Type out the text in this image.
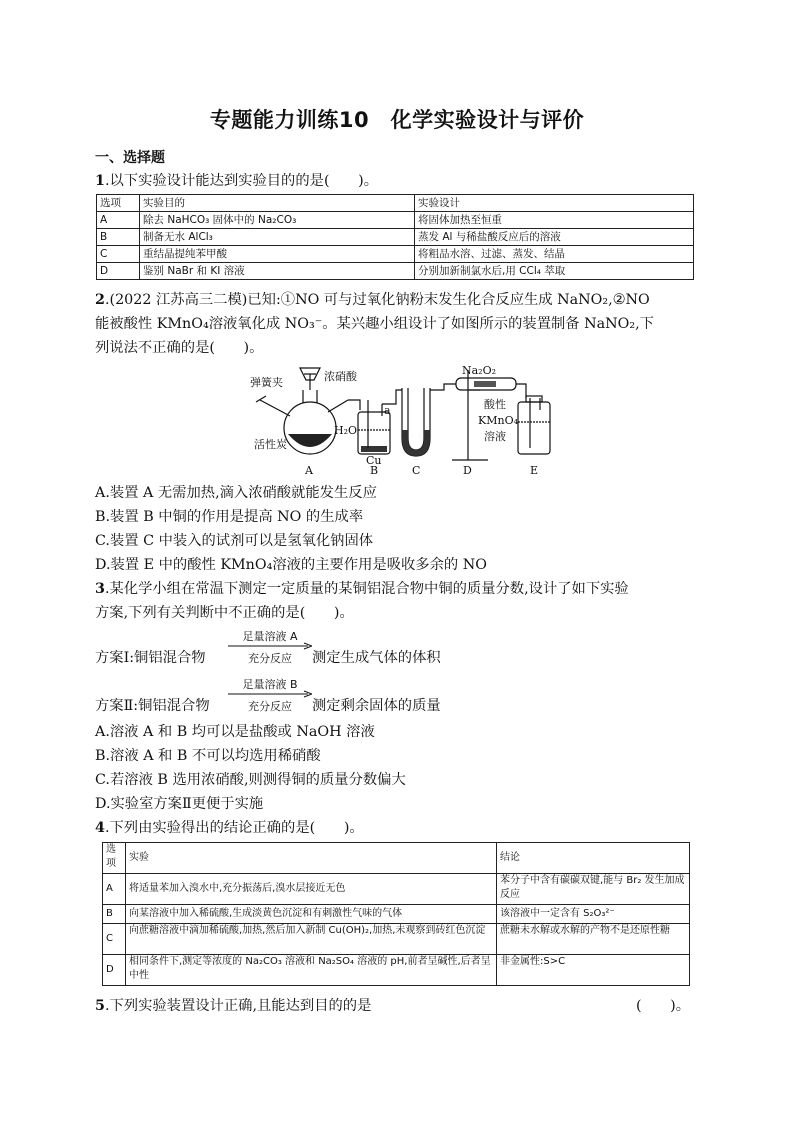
专题能力训练10　化学实验设计与评价
一、选择题
1.以下实验设计能达到实验目的的是(　　)。
选项	实验目的	实验设计
A	除去 NaHCO₃ 固体中的 Na₂CO₃	将固体加热至恒重
B	制备无水 AlCl₃	蒸发 Al 与稀盐酸反应后的溶液
C	重结晶提纯苯甲酸	将粗品水溶、过滤、蒸发、结晶
D	鉴别 NaBr 和 KI 溶液	分别加新制氯水后,用 CCl₄ 萃取
2.(2022 江苏高三二模)已知:①NO 可与过氧化钠粉末发生化合反应生成 NaNO₂,②NO
能被酸性 KMnO₄溶液氧化成 NO₃⁻。某兴趣小组设计了如图所示的装置制备 NaNO₂,下
列说法不正确的是(　　)。
弹簧夹	浓硝酸
活性炭
H₂O
Cu
a
Na₂O₂
酸性
KMnO₄
溶液
A	B	C	D	E
A.装置 A 无需加热,滴入浓硝酸就能发生反应
B.装置 B 中铜的作用是提高 NO 的生成率
C.装置 C 中装入的试剂可以是氢氧化钠固体
D.装置 E 中的酸性 KMnO₄溶液的主要作用是吸收多余的 NO
3.某化学小组在常温下测定一定质量的某铜铝混合物中铜的质量分数,设计了如下实验
方案,下列有关判断中不正确的是(　　)。
方案Ⅰ:铜铝混合物
足量溶液 A
充分反应	测定生成气体的体积
方案Ⅱ:铜铝混合物
足量溶液 B
充分反应	测定剩余固体的质量
A.溶液 A 和 B 均可以是盐酸或 NaOH 溶液
B.溶液 A 和 B 不可以均选用稀硝酸
C.若溶液 B 选用浓硝酸,则测得铜的质量分数偏大
D.实验室方案Ⅱ更便于实施
4.下列由实验得出的结论正确的是(　　)。
选项	实验	结论
A	将适量苯加入溴水中,充分振荡后,溴水层接近无色	苯分子中含有碳碳双键,能与 Br₂ 发生加成反应
B	向某溶液中加入稀硫酸,生成淡黄色沉淀和有刺激性气味的气体	该溶液中一定含有 S₂O₃²⁻
C	向蔗糖溶液中滴加稀硫酸,加热,然后加入新制 Cu(OH)₂,加热,未观察到砖红色沉淀	蔗糖未水解或水解的产物不是还原性糖
D	相同条件下,测定等浓度的 Na₂CO₃ 溶液和 Na₂SO₄ 溶液的 pH,前者呈碱性,后者呈中性	非金属性:S>C
5.下列实验装置设计正确,且能达到目的的是	(　　)。
